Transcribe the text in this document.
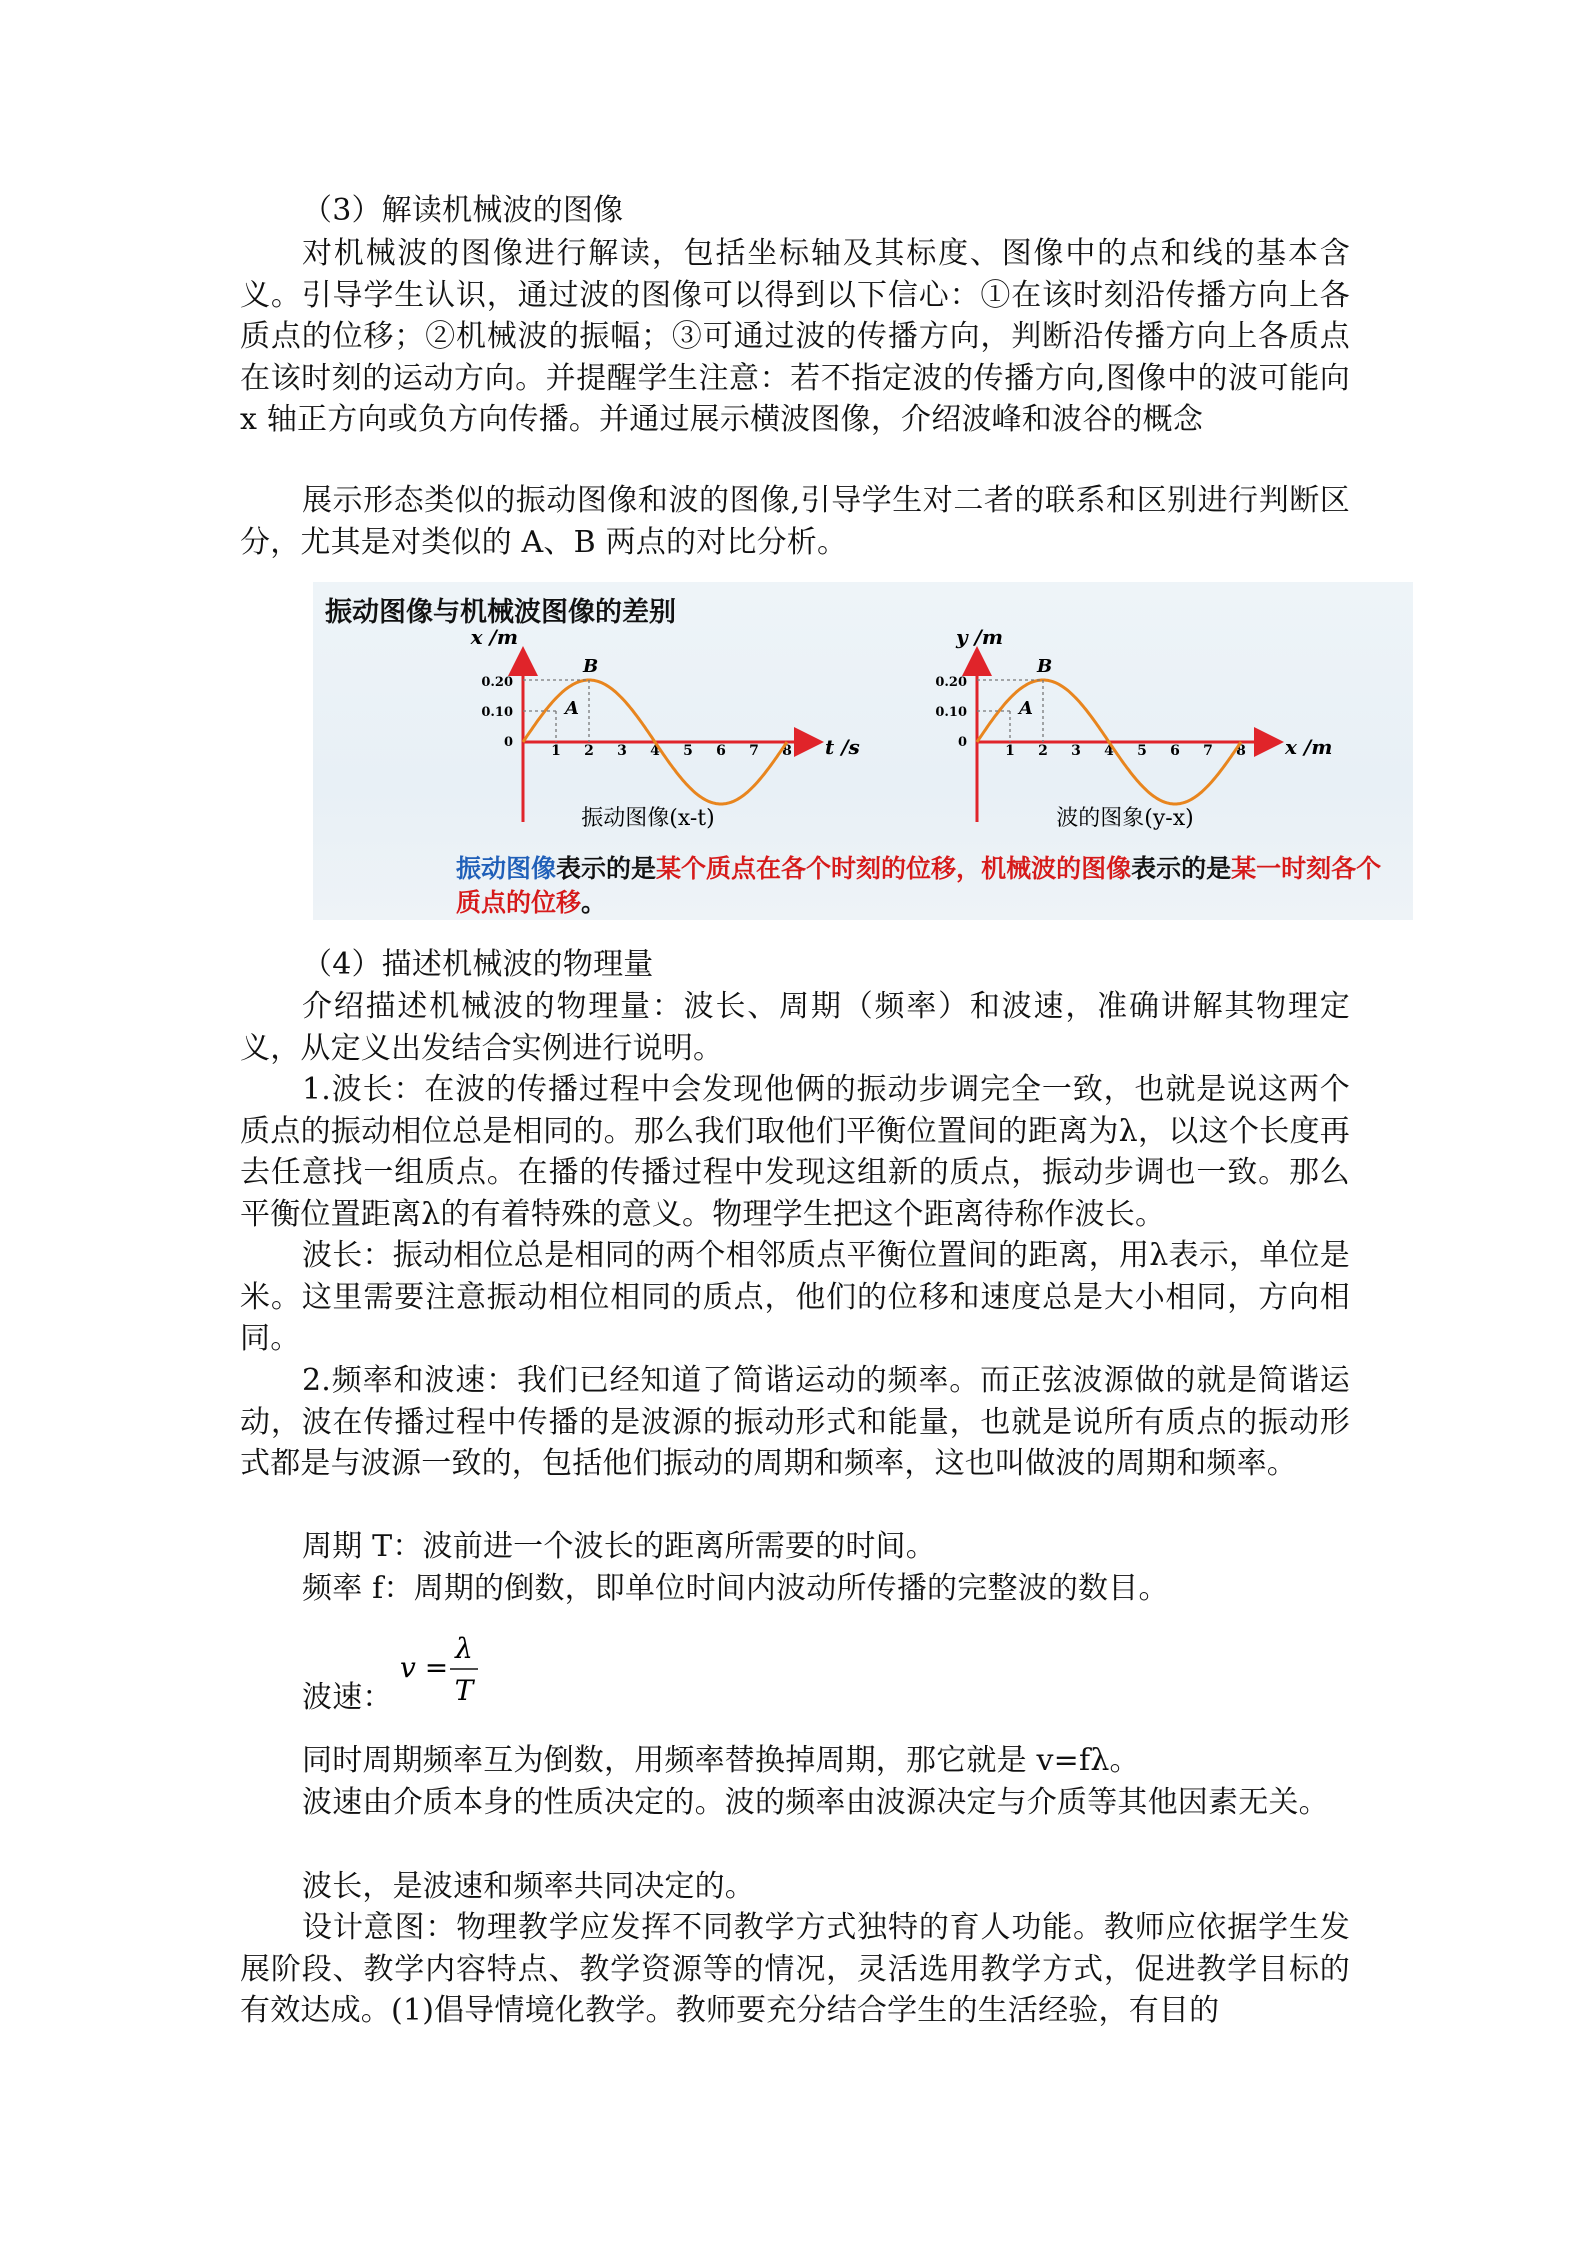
（3）解读机械波的图像

对机械波的图像进行解读，包括坐标轴及其标度、图像中的点和线的基本含义。引导学生认识，通过波的图像可以得到以下信心：①在该时刻沿传播方向上各质点的位移；②机械波的振幅；③可通过波的传播方向，判断沿传播方向上各质点在该时刻的运动方向。并提醒学生注意：若不指定波的传播方向,图像中的波可能向 x 轴正方向或负方向传播。并通过展示横波图像，介绍波峰和波谷的概念

展示形态类似的振动图像和波的图像,引导学生对二者的联系和区别进行判断区分，尤其是对类似的 A、B 两点的对比分析。

振动图像与机械波图像的差别
x /m
t /s
0.20
0.10
0
1 2 3 4 5 6 7 8
A
B
y /m
x /m
0.20
0.10
0
1 2 3 4 5 6 7 8
A
B
振动图像(x-t)	波的图象(y-x)
振动图像表示的是某个质点在各个时刻的位移，机械波的图像表示的是某一时刻各个质点的位移。

（4）描述机械波的物理量

介绍描述机械波的物理量：波长、周期（频率）和波速，准确讲解其物理定义，从定义出发结合实例进行说明。

1.波长：在波的传播过程中会发现他俩的振动步调完全一致，也就是说这两个质点的振动相位总是相同的。那么我们取他们平衡位置间的距离为λ，以这个长度再去任意找一组质点。在播的传播过程中发现这组新的质点，振动步调也一致。那么平衡位置距离λ的有着特殊的意义。物理学生把这个距离待称作波长。

波长：振动相位总是相同的两个相邻质点平衡位置间的距离，用λ表示，单位是米。这里需要注意振动相位相同的质点，他们的位移和速度总是大小相同，方向相同。

2.频率和波速：我们已经知道了简谐运动的频率。而正弦波源做的就是简谐运动，波在传播过程中传播的是波源的振动形式和能量，也就是说所有质点的振动形式都是与波源一致的，包括他们振动的周期和频率，这也叫做波的周期和频率。

周期 T：波前进一个波长的距离所需要的时间。

频率 f：周期的倒数，即单位时间内波动所传播的完整波的数目。

波速：

v =
λ
T

同时周期频率互为倒数，用频率替换掉周期，那它就是 v=fλ。

波速由介质本身的性质决定的。波的频率由波源决定与介质等其他因素无关。

波长，是波速和频率共同决定的。

设计意图：物理教学应发挥不同教学方式独特的育人功能。教师应依据学生发展阶段、教学内容特点、教学资源等的情况，灵活选用教学方式，促进教学目标的有效达成。(1)倡导情境化教学。教师要充分结合学生的生活经验，有目的
